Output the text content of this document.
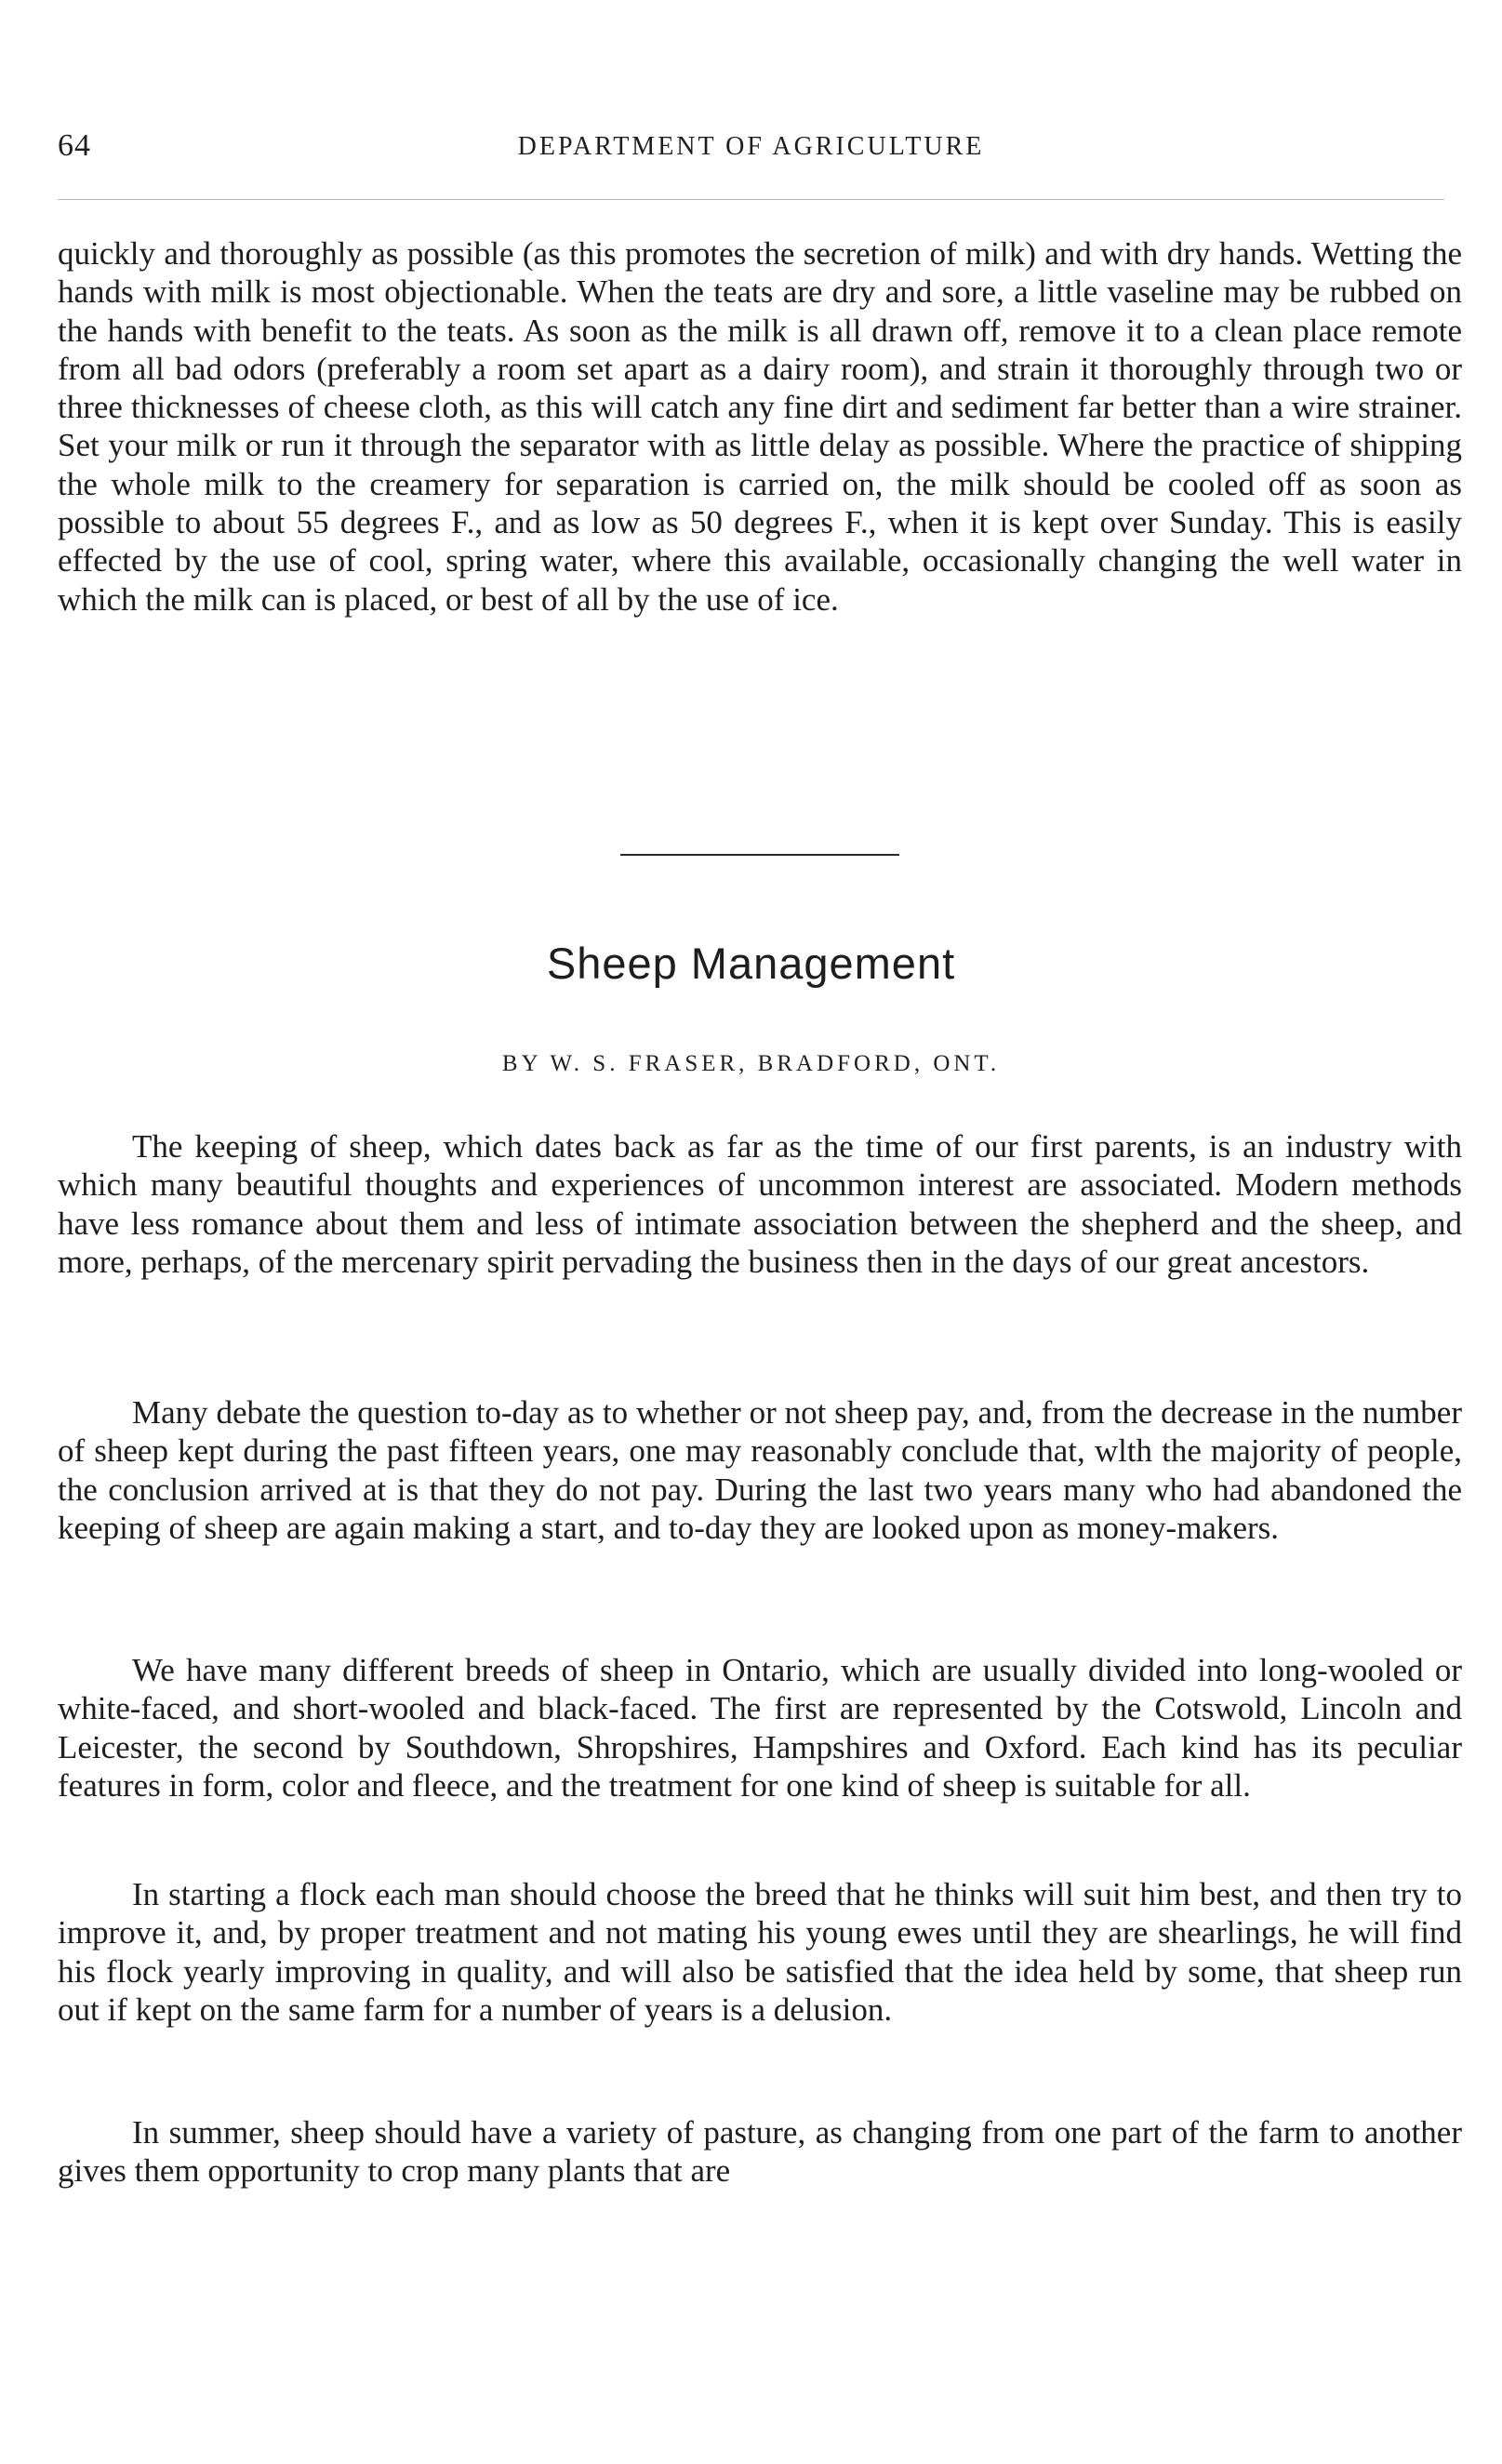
64	DEPARTMENT OF AGRICULTURE

quickly and thoroughly as possible (as this promotes the secretion of milk) and with dry hands. Wetting the hands with milk is most objectionable. When the teats are dry and sore, a little vaseline may be rubbed on the hands with benefit to the teats. As soon as the milk is all drawn off, remove it to a clean place remote from all bad odors (preferably a room set apart as a dairy room), and strain it thoroughly through two or three thicknesses of cheese cloth, as this will catch any fine dirt and sediment far better than a wire strainer. Set your milk or run it through the separator with as little delay as possible. Where the practice of shipping the whole milk to the creamery for separation is carried on, the milk should be cooled off as soon as possible to about 55 degrees F., and as low as 50 degrees F., when it is kept over Sunday. This is easily effected by the use of cool, spring water, where this available, occasionally changing the well water in which the milk can is placed, or best of all by the use of ice.

Sheep Management
BY W. S. FRASER, BRADFORD, ONT.

The keeping of sheep, which dates back as far as the time of our first parents, is an industry with which many beautiful thoughts and experiences of uncommon interest are associated. Modern methods have less romance about them and less of intimate association between the shepherd and the sheep, and more, perhaps, of the mercenary spirit pervading the business then in the days of our great ancestors.

Many debate the question to-day as to whether or not sheep pay, and, from the decrease in the number of sheep kept during the past fifteen years, one may reasonably conclude that, wlth the majority of people, the conclusion arrived at is that they do not pay. During the last two years many who had abandoned the keeping of sheep are again making a start, and to-day they are looked upon as money-makers.

We have many different breeds of sheep in Ontario, which are usually divided into long-wooled or white-faced, and short-wooled and black-faced. The first are represented by the Cotswold, Lincoln and Leicester, the second by Southdown, Shropshires, Hampshires and Oxford. Each kind has its peculiar features in form, color and fleece, and the treatment for one kind of sheep is suitable for all.

In starting a flock each man should choose the breed that he thinks will suit him best, and then try to improve it, and, by proper treatment and not mating his young ewes until they are shearlings, he will find his flock yearly improving in quality, and will also be satisfied that the idea held by some, that sheep run out if kept on the same farm for a number of years is a delusion.

In summer, sheep should have a variety of pasture, as changing from one part of the farm to another gives them opportunity to crop many plants that are
